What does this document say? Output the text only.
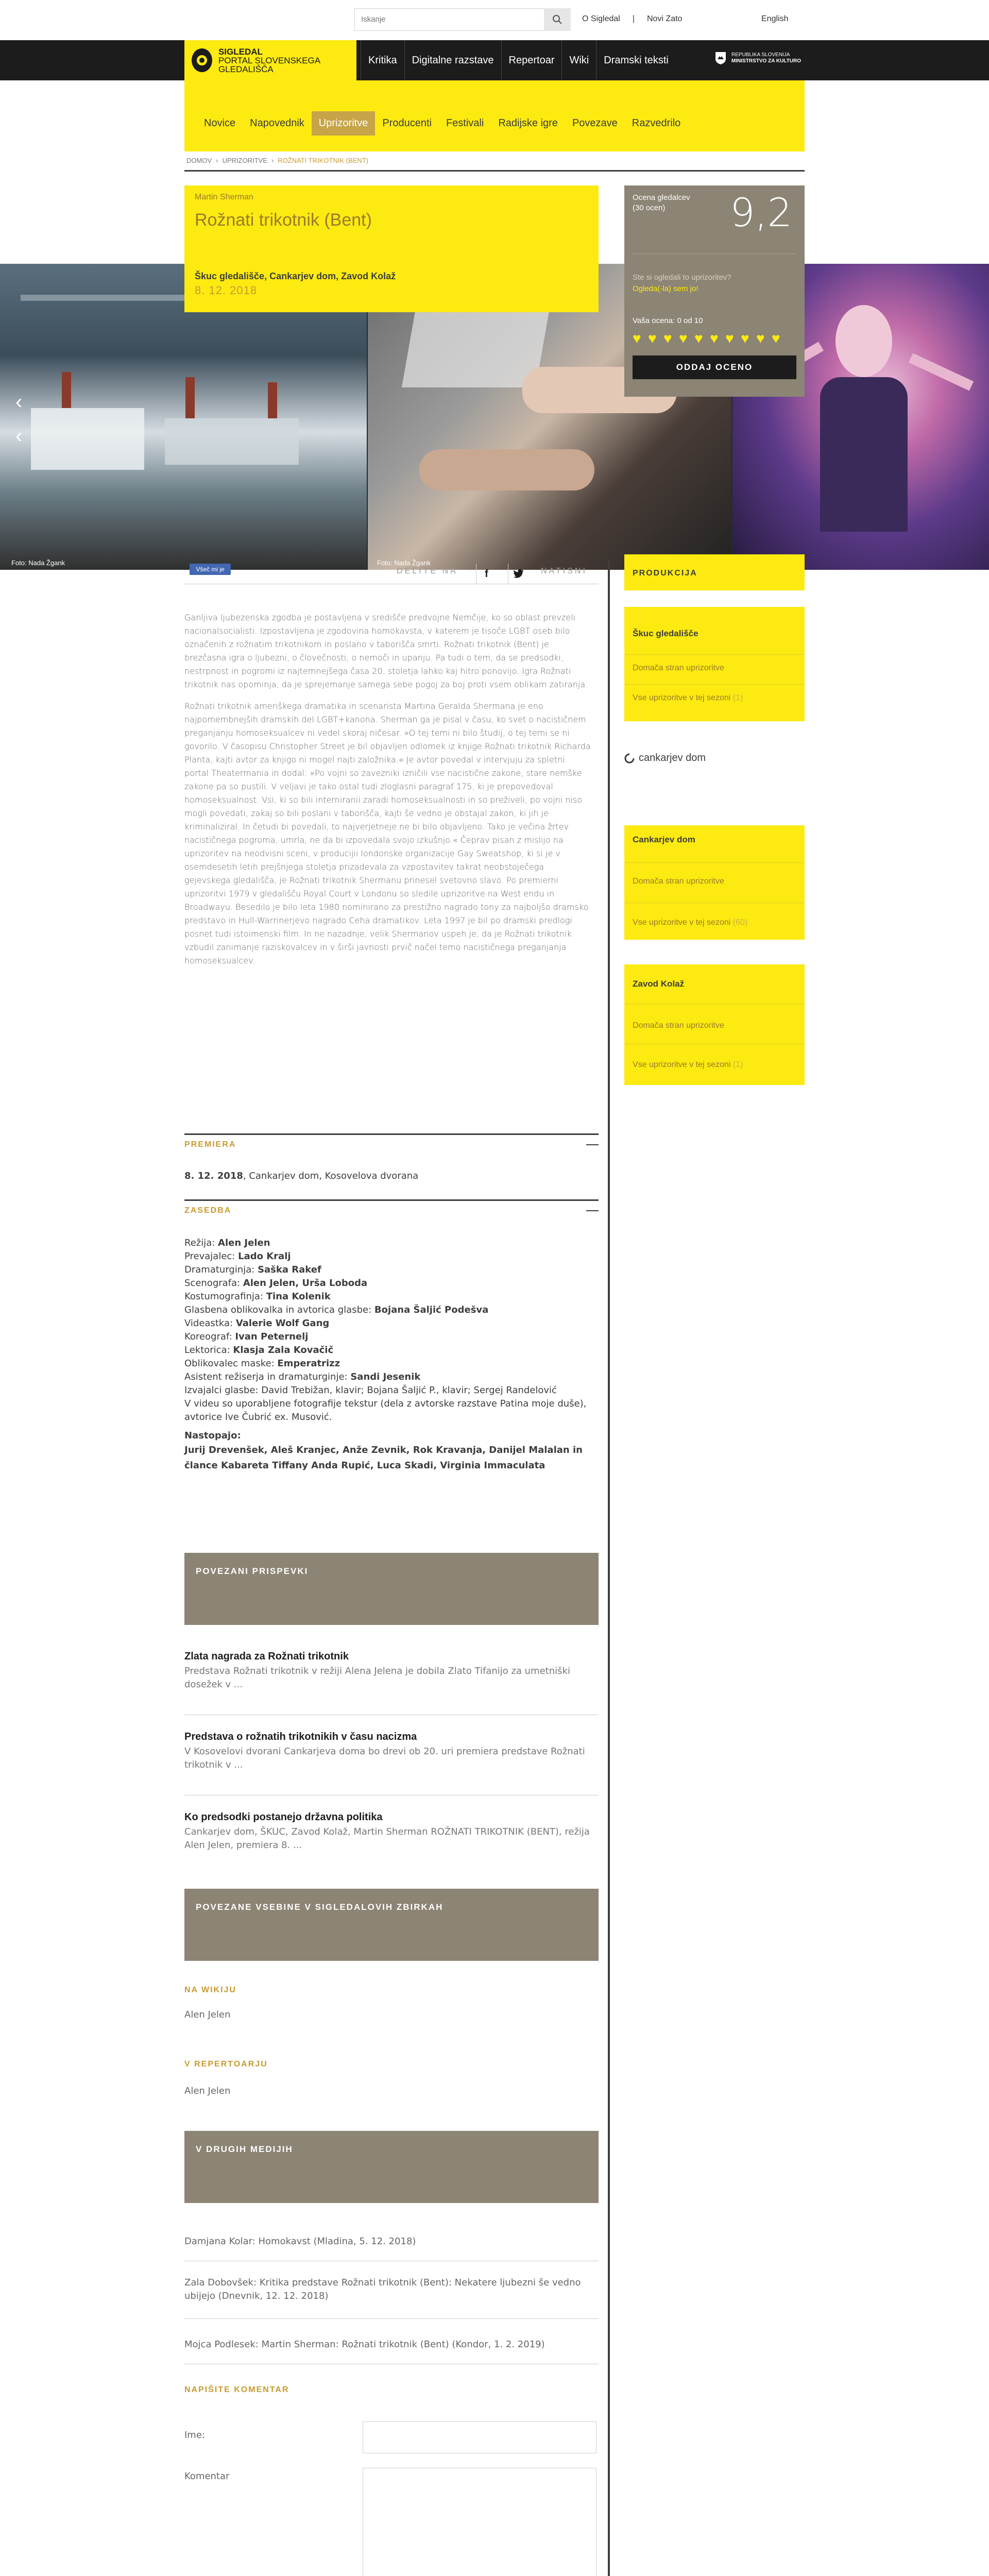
Iskanje
O Sigledal | Novi Zato	English
SIGLEDAL
PORTAL SLOVENSKEGA GLEDALIŠČA
Kritika	Digitalne razstave	Repertoar	Wiki	Dramski teksti	REPUBLIKA SLOVENIJA
MINISTRSTVO ZA KULTURO
Novice	Napovednik	Uprizoritve	Producenti	Festivali	Radijske igre	Povezave	Razvedrilo
DOMOV › UPRIZORITVE › ROŽNATI TRIKOTNIK (BENT)
Foto: Nada Žgank	Foto: Nada Žgank
‹
‹
Martin Sherman
Rožnati trikotnik (Bent)
Škuc gledališče, Cankarjev dom, Zavod Kolaž
8. 12. 2018
Ocena gledalcev
(30 ocen)	9,2
Ste si ogledali to uprizoritev?
Ogleda(-la) sem jo!
Vaša ocena: 0 od 10
♥ ♥ ♥ ♥ ♥ ♥ ♥ ♥ ♥ ♥
ODDAJ OCENO
Všeč mi je	DELITE NA	f	NATISNI

Ganljiva ljubezenska zgodba je postavljena v središče predvojne Nemčije, ko so oblast prevzeli nacionalsocialisti. Izpostavljena je zgodovina homokavsta, v katerem je tisoče LGBT oseb bilo označenih z rožnatim trikotnikom in poslano v taborišča smrti. Rožnati trikotnik (Bent) je brezčasna igra o ljubezni, o človečnosti, o nemoči in upanju. Pa tudi o tem, da se predsodki, nestrpnost in pogromi iz najtemnejšega časa 20. stoletja lahko kaj hitro ponovijo. Igra Rožnati trikotnik nas opominja, da je sprejemanje samega sebe pogoj za boj proti vsem oblikam zatiranja.

Rožnati trikotnik ameriškega dramatika in scenarista Martina Geralda Shermana je eno najpomembnejših dramskih del LGBT+kanona. Sherman ga je pisal v času, ko svet o nacističnem preganjanju homoseksualcev ni vedel skoraj ničesar. »O tej temi ni bilo študij, o tej temi se ni govorilo. V časopisu Christopher Street je bil objavljen odlomek iz knjige Rožnati trikotnik Richarda Planta, kajti avtor za knjigo ni mogel najti založnika.« Je avtor povedal v intervjuju za spletni portal Theatermania in dodal: »Po vojni so zavezniki izničili vse nacistične zakone, stare nemške zakone pa so pustili. V veljavi je tako ostal tudi zloglasni paragraf 175, ki je prepovedoval homoseksualnost. Vsi, ki so bili interniranii zaradi homoseksualnosti in so preživeli, po vojni niso mogli povedati, zakaj so bili poslani v taborišča, kajti še vedno je obstajal zakon, ki jih je kriminaliziral. In četudi bi povedali, to najverjetneje ne bi bilo objavljeno. Tako je večina žrtev nacističnega pogroma, umrla, ne da bi izpovedala svojo izkušnjo.« Čeprav pisan z mislijo na uprizoritev na neodvisni sceni, v producijii londonske organizacije Gay Sweatshop, ki si je v osemdesetih letih prejšnjega stoletja prizadevala za vzpostavitev takrat neobstoječega gejevskega gledališča, je Rožnati trikotnik Shermanu prinesel svetovno slavo. Po premierni uprizoritvi 1979 v gledališču Royal Court v Londonu so sledile uprizoritve na West endu in Broadwayu. Besedilo je bilo leta 1980 nominirano za prestižno nagrado tony za najboljšo dramsko predstavo in Hull-Warrinerjevo nagrado Ceha dramatikov. Leta 1997 je bil po dramski predlogi posnet tudi istoimenski film. In ne nazadnje, velik Shermanov uspeh je, da je Rožnati trikotnik vzbudil zanimanje raziskovalcev in v širši javnosti prvič načel temo nacističnega preganjanja homoseksualcev.

PREMIERA
8. 12. 2018, Cankarjev dom, Kosovelova dvorana
ZASEDBA
Režija: Alen Jelen
Prevajalec: Lado Kralj
Dramaturginja: Saška Rakef
Scenografa: Alen Jelen, Urša Loboda
Kostumografinja: Tina Kolenik
Glasbena oblikovalka in avtorica glasbe: Bojana Šaljić Podešva
Videastka: Valerie Wolf Gang
Koreograf: Ivan Peternelj
Lektorica: Klasja Zala Kovačič
Oblikovalec maske: Emperatrizz
Asistent režiserja in dramaturginje: Sandi Jesenik
Izvajalci glasbe: David Trebižan, klavir; Bojana Šaljić P., klavir; Sergej Randelović
V videu so uporabljene fotografije tekstur (dela z avtorske razstave Patina moje duše), avtorice Ive Čubrić ex. Musović.
Nastopajo:
Jurij Drevenšek, Aleš Kranjec, Anže Zevnik, Rok Kravanja, Danijel Malalan in člance Kabareta Tiffany Anda Rupić, Luca Skadi, Virginia Immaculata
POVEZANI PRISPEVKI
Zlata nagrada za Rožnati trikotnik

Predstava Rožnati trikotnik v režiji Alena Jelena je dobila Zlato Tifanijo za umetniški dosežek v ...

Predstava o rožnatih trikotnikih v času nacizma

V Kosovelovi dvorani Cankarjeva doma bo drevi ob 20. uri premiera predstave Rožnati trikotnik v ...

Ko predsodki postanejo državna politika

Cankarjev dom, ŠKUC, Zavod Kolaž, Martin Sherman ROŽNATI TRIKOTNIK (BENT), režija Alen Jelen, premiera 8. ...

POVEZANE VSEBINE V SIGLEDALOVIH ZBIRKAH
NA WIKIJU
Alen Jelen
V REPERTOARJU
Alen Jelen
V DRUGIH MEDIJIH
Damjana Kolar: Homokavst (Mladina, 5. 12. 2018)
Zala Dobovšek: Kritika predstave Rožnati trikotnik (Bent): Nekatere ljubezni še vedno ubijejo (Dnevnik, 12. 12. 2018)
Mojca Podlesek: Martin Sherman: Rožnati trikotnik (Bent) (Kondor, 1. 2. 2019)
NAPIŠITE KOMENTAR
Ime:
Komentar
PRODUKCIJA
Škuc gledališče
Domača stran uprizoritve
Vse uprizoritve v tej sezoni (1)
cankarjev dom
Cankarjev dom
Domača stran uprizoritve
Vse uprizoritve v tej sezoni (60)
Zavod Kolaž
Domača stran uprizoritve
Vse uprizoritve v tej sezoni (1)
